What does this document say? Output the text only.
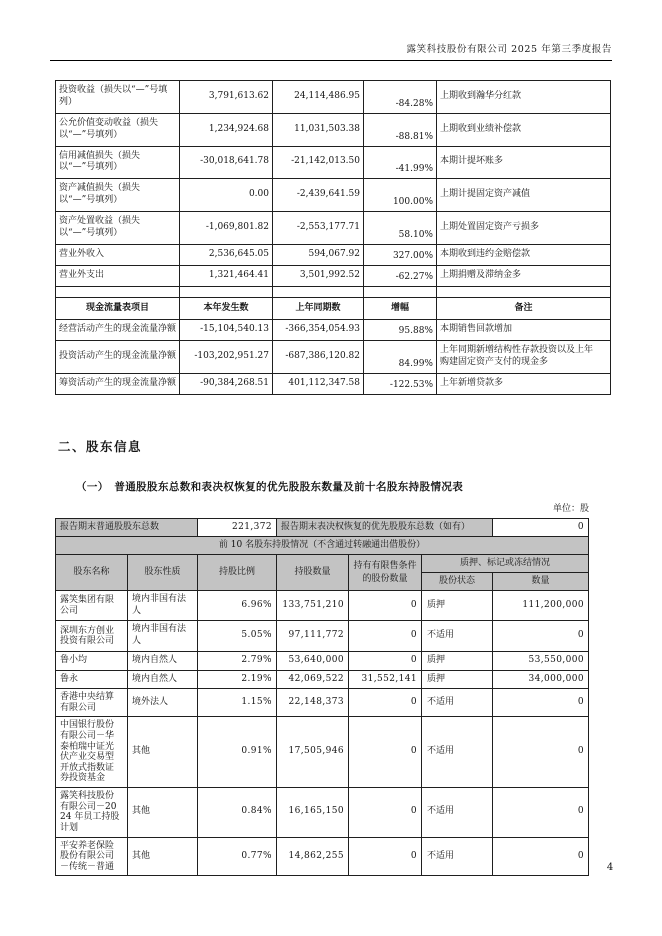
露笑科技股份有限公司 2025 年第三季度报告
投资收益（损失以“—”号填列）	3,791,613.62	24,114,486.95	-84.28%	上期收到瀚华分红款
公允价值变动收益（损失以“—”号填列）	1,234,924.68	11,031,503.38	-88.81%	上期收到业绩补偿款
信用减值损失（损失以“—”号填列）	-30,018,641.78	-21,142,013.50	-41.99%	本期计提坏账多
资产减值损失（损失以“—”号填列）	0.00	-2,439,641.59	100.00%	上期计提固定资产减值
资产处置收益（损失以“—”号填列）	-1,069,801.82	-2,553,177.71	58.10%	上期处置固定资产亏损多
营业外收入	2,536,645.05	594,067.92	327.00%	本期收到违约金赔偿款
营业外支出	1,321,464.41	3,501,992.52	-62.27%	上期捐赠及滞纳金多

现金流量表项目	本年发生数	上年同期数	增幅	备注
经营活动产生的现金流量净额	-15,104,540.13	-366,354,054.93	95.88%	本期销售回款增加
投资活动产生的现金流量净额	-103,202,951.27	-687,386,120.82	84.99%	上年同期新增结构性存款投资以及上年购建固定资产支付的现金多
筹资活动产生的现金流量净额	-90,384,268.51	401,112,347.58	-122.53%	上年新增贷款多
二、股东信息
（一）　普通股股东总数和表决权恢复的优先股股东数量及前十名股东持股情况表
单位：股
报告期末普通股股东总数		221,372	报告期末表决权恢复的优先股股东总数（如有）			0
前 10 名股东持股情况（不含通过转融通出借股份）						
股东名称	股东性质	持股比例	持股数量	持有有限售条件的股份数量	质押、标记或冻结情况	
					股份状态	数量
露笑集团有限公司	境内非国有法人	6.96%	133,751,210	0	质押	111,200,000
深圳东方创业投资有限公司	境内非国有法人	5.05%	97,111,772	0	不适用	0
鲁小均	境内自然人	2.79%	53,640,000	0	质押	53,550,000
鲁永	境内自然人	2.19%	42,069,522	31,552,141	质押	34,000,000
香港中央结算有限公司	境外法人	1.15%	22,148,373	0	不适用	0
中国银行股份有限公司－华泰柏瑞中证光伏产业交易型开放式指数证券投资基金	其他	0.91%	17,505,946	0	不适用	0
露笑科技股份有限公司－2024 年员工持股计划	其他	0.84%	16,165,150	0	不适用	0
平安养老保险股份有限公司－传统－普通	其他	0.77%	14,862,255	0	不适用	0
4
